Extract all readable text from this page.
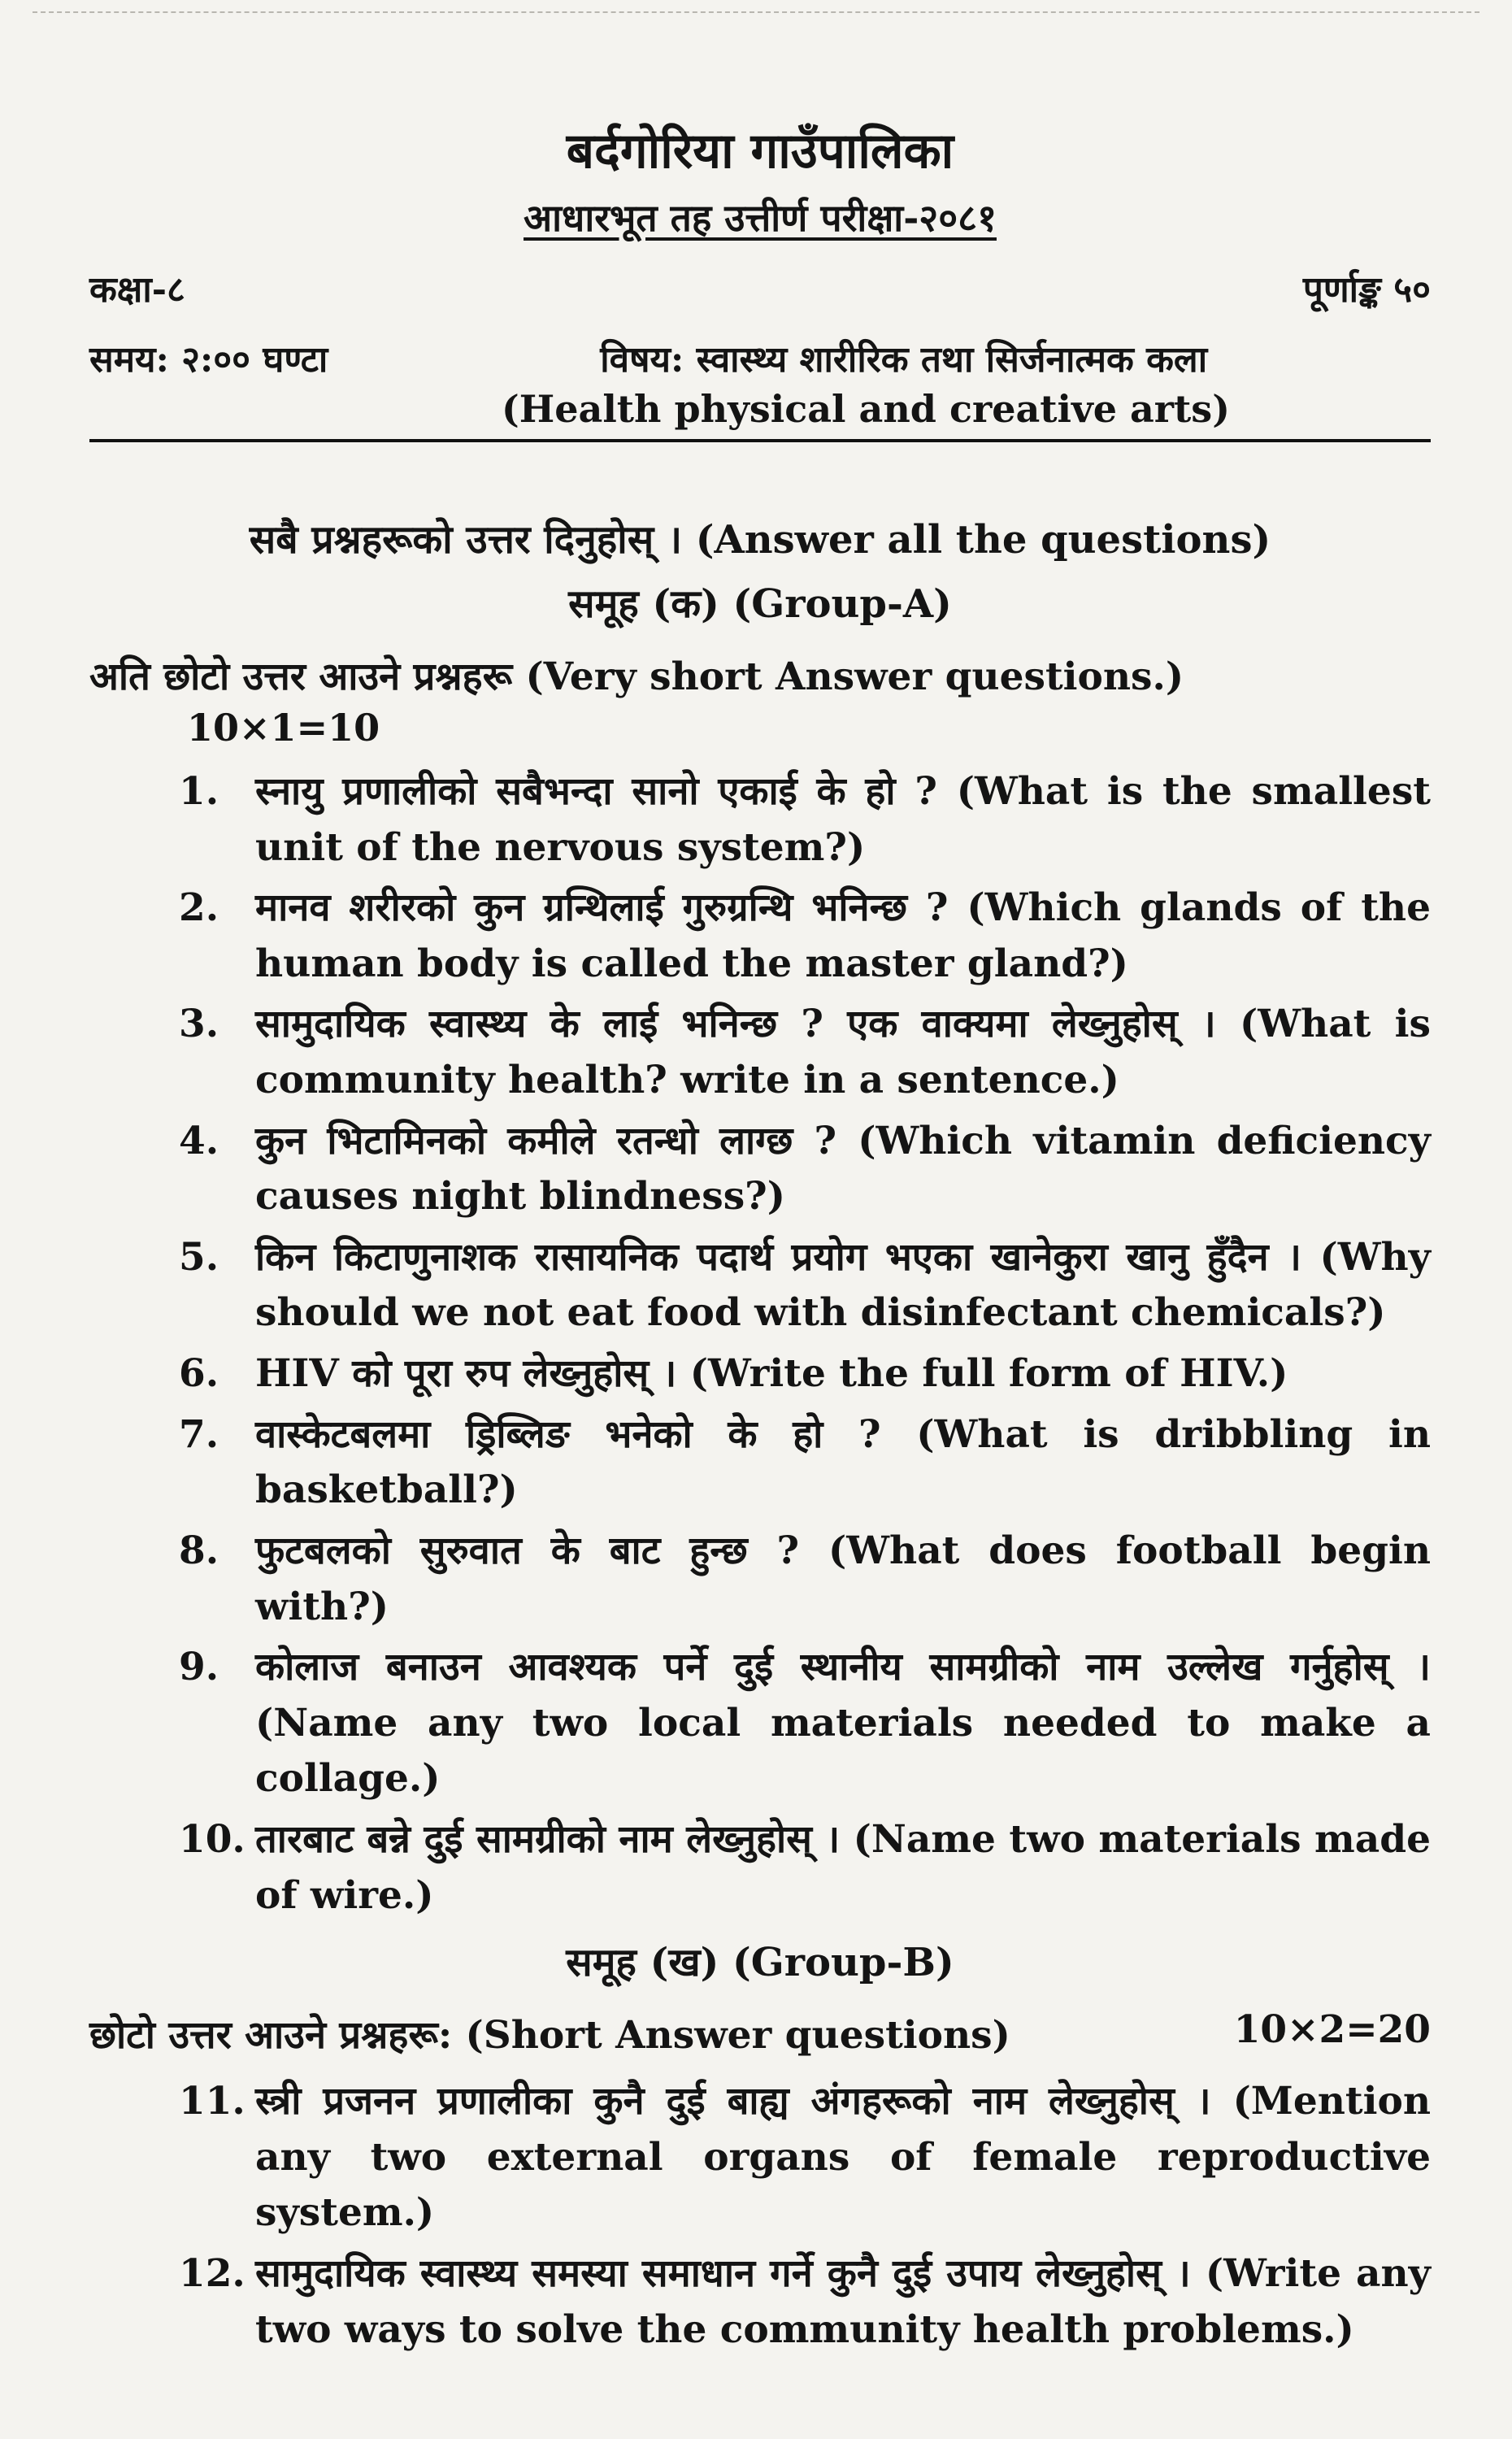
बर्दगोरिया गाउँपालिका
आधारभूत तह उत्तीर्ण परीक्षा-२०८१
कक्षा-८	पूर्णाङ्क ५०
समय: २:०० घण्टा	विषय: स्वास्थ्य शारीरिक तथा सिर्जनात्मक कला
(Health physical and creative arts)
सबै प्रश्नहरूको उत्तर दिनुहोस् । (Answer all the questions)
समूह (क) (Group-A)
अति छोटो उत्तर आउने प्रश्नहरू (Very short Answer questions.)
10×1=10
1. स्नायु प्रणालीको सबैभन्दा सानो एकाई के हो ? (What is the smallest unit of the nervous system?)
2. मानव शरीरको कुन ग्रन्थिलाई गुरुग्रन्थि भनिन्छ ? (Which glands of the human body is called the master gland?)
3. सामुदायिक स्वास्थ्य के लाई भनिन्छ ? एक वाक्यमा लेख्नुहोस् । (What is community health? write in a sentence.)
4. कुन भिटामिनको कमीले रतन्धो लाग्छ ? (Which vitamin deficiency causes night blindness?)
5. किन किटाणुनाशक रासायनिक पदार्थ प्रयोग भएका खानेकुरा खानु हुँदैन । (Why should we not eat food with disinfectant chemicals?)
6. HIV को पूरा रुप लेख्नुहोस् । (Write the full form of HIV.)
7. वास्केटबलमा ड्रिब्लिङ भनेको के हो ? (What is dribbling in basketball?)
8. फुटबलको सुरुवात के बाट हुन्छ ? (What does football begin with?)
9. कोलाज बनाउन आवश्यक पर्ने दुई स्थानीय सामग्रीको नाम उल्लेख गर्नुहोस् । (Name any two local materials needed to make a collage.)
10. तारबाट बन्ने दुई सामग्रीको नाम लेख्नुहोस् । (Name two materials made of wire.)
समूह (ख) (Group-B)
छोटो उत्तर आउने प्रश्नहरू: (Short Answer questions)	10×2=20
11. स्त्री प्रजनन प्रणालीका कुनै दुई बाह्य अंगहरूको नाम लेख्नुहोस् । (Mention any two external organs of female reproductive system.)
12. सामुदायिक स्वास्थ्य समस्या समाधान गर्ने कुनै दुई उपाय लेख्नुहोस् । (Write any two ways to solve the community health problems.)
